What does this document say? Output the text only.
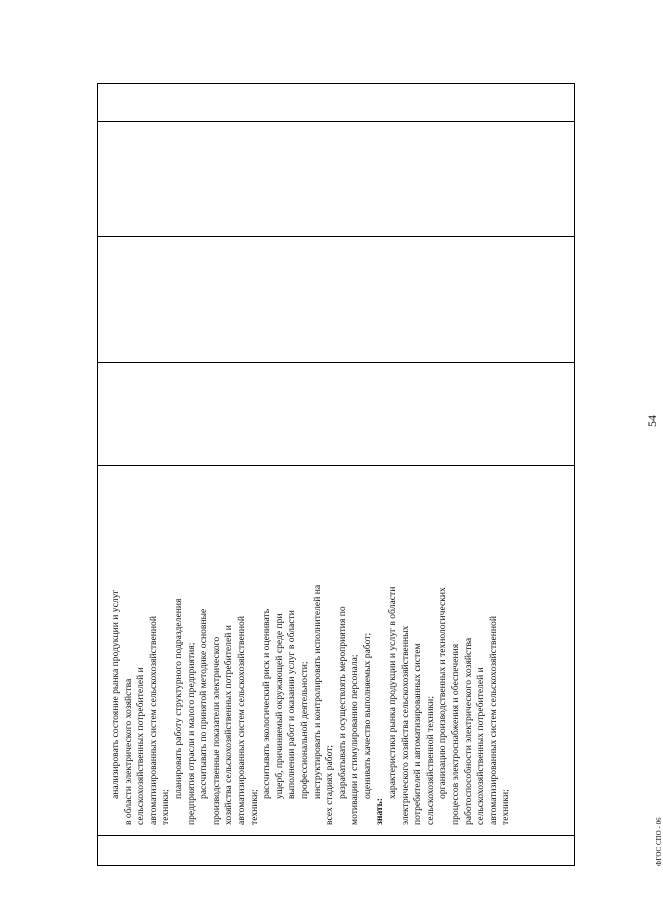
анализировать состояние рынка продукции и услуг в области электрического хозяйства сельскохозяйственных потребителей и автоматизированных систем сельскохозяйственной техники;
планировать работу структурного подразделения предприятия отрасли и малого предприятия; рассчитывать по принятой методике основные производственные показатели электрического хозяйства сельскохозяйственных потребителей и автоматизированных систем сельскохозяйственной техники;
рассчитывать экологический риск и оценивать ущерб, причиняемый окружающей среде при выполнении работ и оказании услуг в области профессиональной деятельности; инструктировать и контролировать исполнителей на всех стадиях работ; разрабатывать и осуществлять мероприятия по мотивации и стимулированию персонала; оценивать качество выполняемых работ;
знать:
характеристики рынка продукции и услуг в области электрического хозяйства сельскохозяйственных потребителей и автоматизированных систем сельскохозяйственной техники; организацию производственных и технологических процессов электроснабжения и обеспечения работоспособности электрического хозяйства сельскохозяйственных потребителей и автоматизированных систем сельскохозяйственной техники;
54
ФГОС СПО - 06
